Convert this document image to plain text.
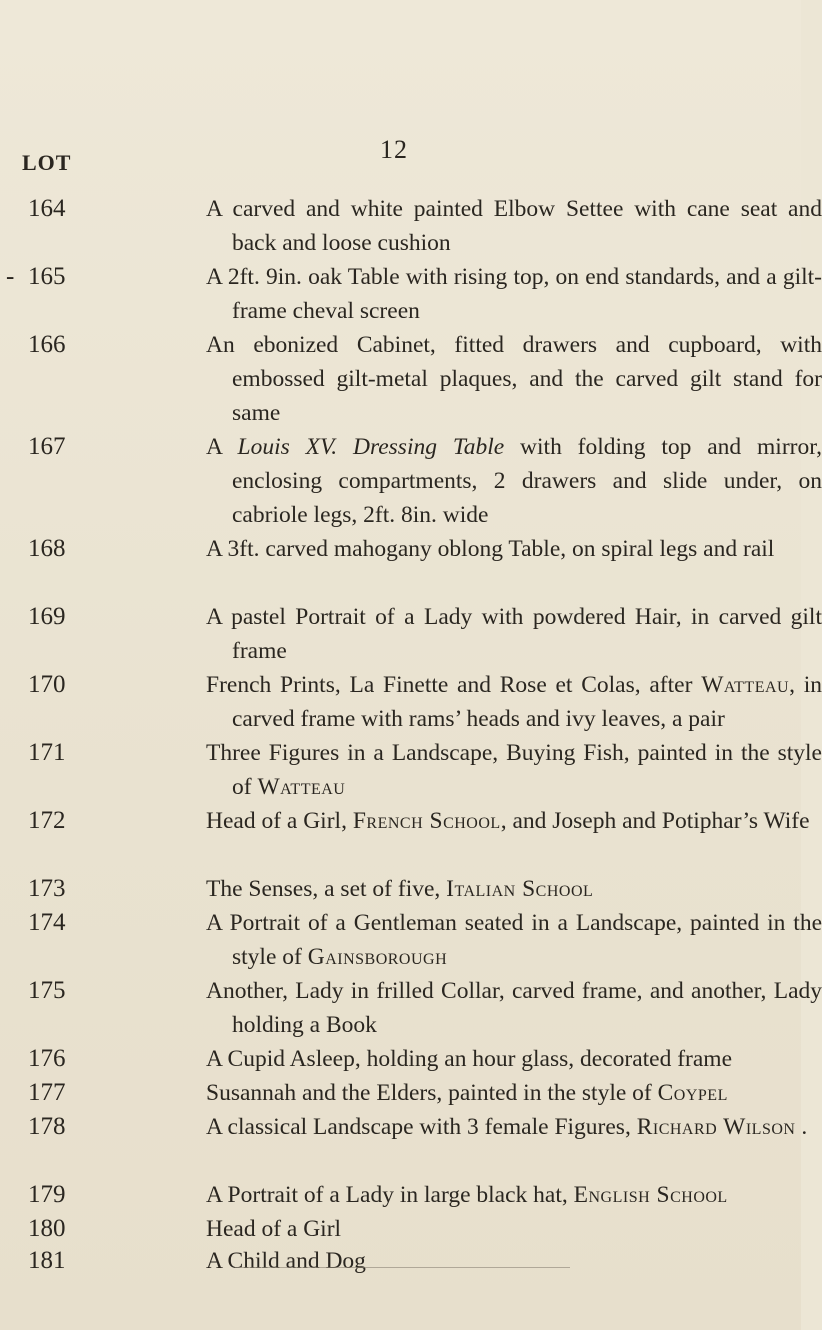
12
LOT
164	A carved and white painted Elbow Settee with cane seat and back and loose cushion
- 165	A 2ft. 9in. oak Table with rising top, on end standards, and a gilt-frame cheval screen
166	An ebonized Cabinet, fitted drawers and cupboard, with embossed gilt-metal plaques, and the carved gilt stand for same
167	A Louis XV. Dressing Table with folding top and mirror, enclosing compartments, 2 drawers and slide under, on cabriole legs, 2ft. 8in. wide
168	A 3ft. carved mahogany oblong Table, on spiral legs and rail
169	A pastel Portrait of a Lady with powdered Hair, in carved gilt frame
170	French Prints, La Finette and Rose et Colas, after Watteau, in carved frame with rams’ heads and ivy leaves, a pair
171	Three Figures in a Landscape, Buying Fish, painted in the style of Watteau
172	Head of a Girl, French School, and Joseph and Potiphar’s Wife
173	The Senses, a set of five, Italian School
174	A Portrait of a Gentleman seated in a Landscape, painted in the style of Gainsborough
175	Another, Lady in frilled Collar, carved frame, and another, Lady holding a Book
176	A Cupid Asleep, holding an hour glass, decorated frame
177	Susannah and the Elders, painted in the style of Coypel
178	A classical Landscape with 3 female Figures, Richard Wilson .
179	A Portrait of a Lady in large black hat, English School
180	Head of a Girl
181	A Child and Dog
